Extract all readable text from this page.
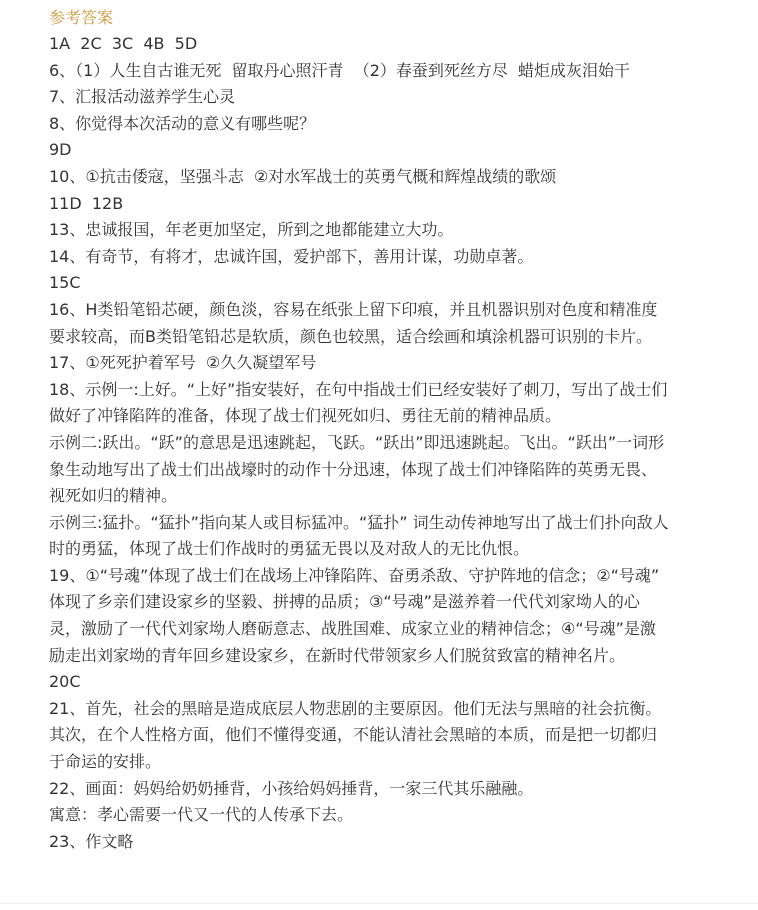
参考答案

1A  2C  3C  4B  5D

6、（1）人生自古谁无死  留取丹心照汗青  （2）春蚕到死丝方尽  蜡炬成灰泪始干

7、汇报活动滋养学生心灵

8、你觉得本次活动的意义有哪些呢？

9D

10、①抗击倭寇，坚强斗志  ②对水军战士的英勇气概和辉煌战绩的歌颂

11D  12B

13、忠诚报国，年老更加坚定，所到之地都能建立大功。

14、有奇节，有将才，忠诚许国，爱护部下，善用计谋，功勋卓著。

15C

16、H类铅笔铅芯硬，颜色淡，容易在纸张上留下印痕，并且机器识别对色度和精准度

要求较高，而B类铅笔铅芯是软质，颜色也较黑，适合绘画和填涂机器可识别的卡片。

17、①死死护着军号  ②久久凝望军号

18、示例一:上好。“上好”指安装好，在句中指战士们已经安装好了刺刀，写出了战士们

做好了冲锋陷阵的准备，体现了战士们视死如归、勇往无前的精神品质。

示例二:跃出。“跃”的意思是迅速跳起，飞跃。“跃出”即迅速跳起。飞出。“跃出”一词形

象生动地写出了战士们出战壕时的动作十分迅速，体现了战士们冲锋陷阵的英勇无畏、

视死如归的精神。

示例三:猛扑。“猛扑”指向某人或目标猛冲。“猛扑” 词生动传神地写出了战士们扑向敌人

时的勇猛，体现了战士们作战时的勇猛无畏以及对敌人的无比仇恨。

19、①“号魂”体现了战士们在战场上冲锋陷阵、奋勇杀敌、守护阵地的信念；②“号魂”

体现了乡亲们建设家乡的坚毅、拼搏的品质；③“号魂”是滋养着一代代刘家坳人的心

灵，激励了一代代刘家坳人磨砺意志、战胜国难、成家立业的精神信念；④“号魂”是激

励走出刘家坳的青年回乡建设家乡，在新时代带领家乡人们脱贫致富的精神名片。

20C

21、首先，社会的黑暗是造成底层人物悲剧的主要原因。他们无法与黑暗的社会抗衡。

其次，在个人性格方面，他们不懂得变通，不能认清社会黑暗的本质，而是把一切都归

于命运的安排。

22、画面：妈妈给奶奶捶背，小孩给妈妈捶背，一家三代其乐融融。

寓意：孝心需要一代又一代的人传承下去。

23、作文略
